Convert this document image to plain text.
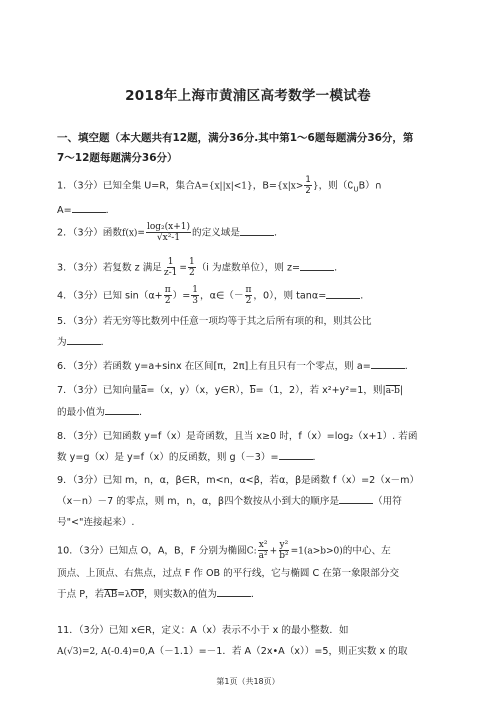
2018年上海市黄浦区高考数学一模试卷
一、填空题（本大题共有12题，满分36分.其中第1～6题每题满分36分，第
7～12题每题满分36分）
1．（3分）已知全集 U=R，集合A={x||x|<1}，$B=\{x|x> \frac{1}{2}$ }，则$(∁_UB)\cap$
A=	．
2．（3分）函数$f(x)= \frac{\text{log₂(x+1)}}{\text{√x²-1}}$ 的定义域是	．
3．（3分）若复数 z 满足 $\frac{1}{z-1} = \frac{1}{2} (i$ 为虚数单位），则 z=	．
4．（3分）已知 $\sin(\alpha+ \frac{\pi}{2}$ ）= $\frac{1}{3}$ ，α∈（－ $\frac{\pi}{2}$ ，0），则 tanα=	．
5．（3分）若无穷等比数列中任意一项均等于其之后所有项的和，则其公比
为	．
6．（3分）若函数 y=a+sinx 在区间[π，2π]上有且只有一个零点，则 a=	．
7．（3分）已知向量$\overline{a}=(x$，y）（x，y∈R），$\overline{b}=(1$，2），若 x²+y²=1，则|a-b|
的最小值为	．
8．（3分）已知函数 y=f（x）是奇函数，且当 x≥0 时，f（x）=log₂（x+1）. 若函
数 y=g（x）是 y=f（x）的反函数，则 g（－3）=	．
9．（3分）已知 m，n，α，β∈R，m<n，α<β，若α，β是函数 f（x）=2（x－m）
（x－n）－7 的零点，则 m，n，α，β四个数按从小到大的顺序是	（用符
号"<"连接起来）.
10．（3分）已知点 O，A，B，F 分别为椭圆C: $\frac{\text{x²}}{\text{a²}} + \frac{\text{y²}}{\text{b²}} =1(a>b>0)$的中心、左
顶点、上顶点、右焦点，过点 F 作 OB 的平行线，它与椭圆 C 在第一象限部分交
于点 P，若$\overline{AB}=\lambda\overline{OP}$，则实数λ的值为	．
11．（3分）已知 x∈R，定义：A（x）表示不小于 x 的最小整数．如
A(√3)=2, A(-0.4)=0,A（－1.1）=－1．若 A（2x•A（x））=5，则正实数 x 的取
第1页（共18页）
